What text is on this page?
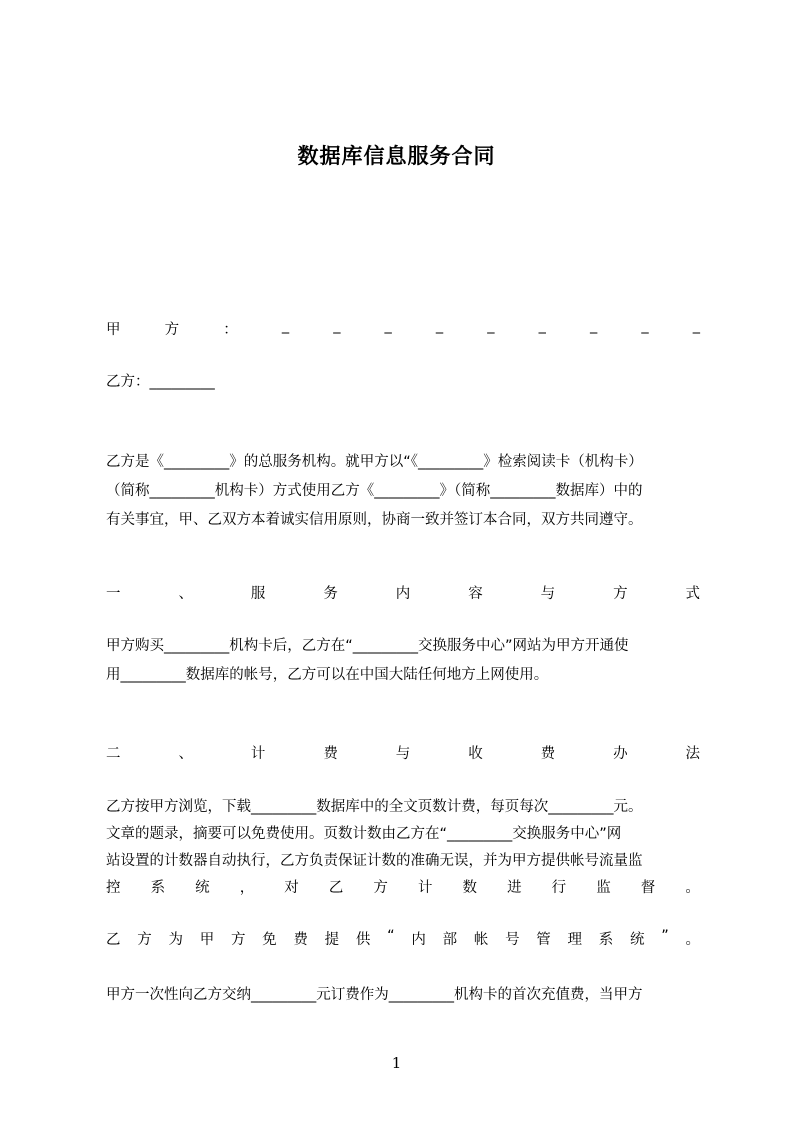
数据库信息服务合同
甲	方	：	_	_	_	_	_	_	_	_	_

乙方：_________

乙方是《_________》的总服务机构。就甲方以“《_________》检索阅读卡（机构卡）

（简称_________机构卡）方式使用乙方《_________》（简称_________数据库）中的

有关事宜，甲、乙双方本着诚实信用原则，协商一致并签订本合同，双方共同遵守。

一	、	服	务	内	容	与	方	式

甲方购买_________机构卡后，乙方在“_________交换服务中心”网站为甲方开通使

用_________数据库的帐号，乙方可以在中国大陆任何地方上网使用。

二	、	计	费	与	收	费	办	法

乙方按甲方浏览，下载_________数据库中的全文页数计费，每页每次_________元。

文章的题录，摘要可以免费使用。页数计数由乙方在“_________交换服务中心”网

站设置的计数器自动执行，乙方负责保证计数的准确无误，并为甲方提供帐号流量监

控 系 统 ， 对 乙 方 计 数 进 行 监 督 。
乙 方 为 甲 方 免 费 提 供 “ 内 部 帐 号 管 理 系 统 ” 。

甲方一次性向乙方交纳_________元订费作为_________机构卡的首次充值费，当甲方

1
